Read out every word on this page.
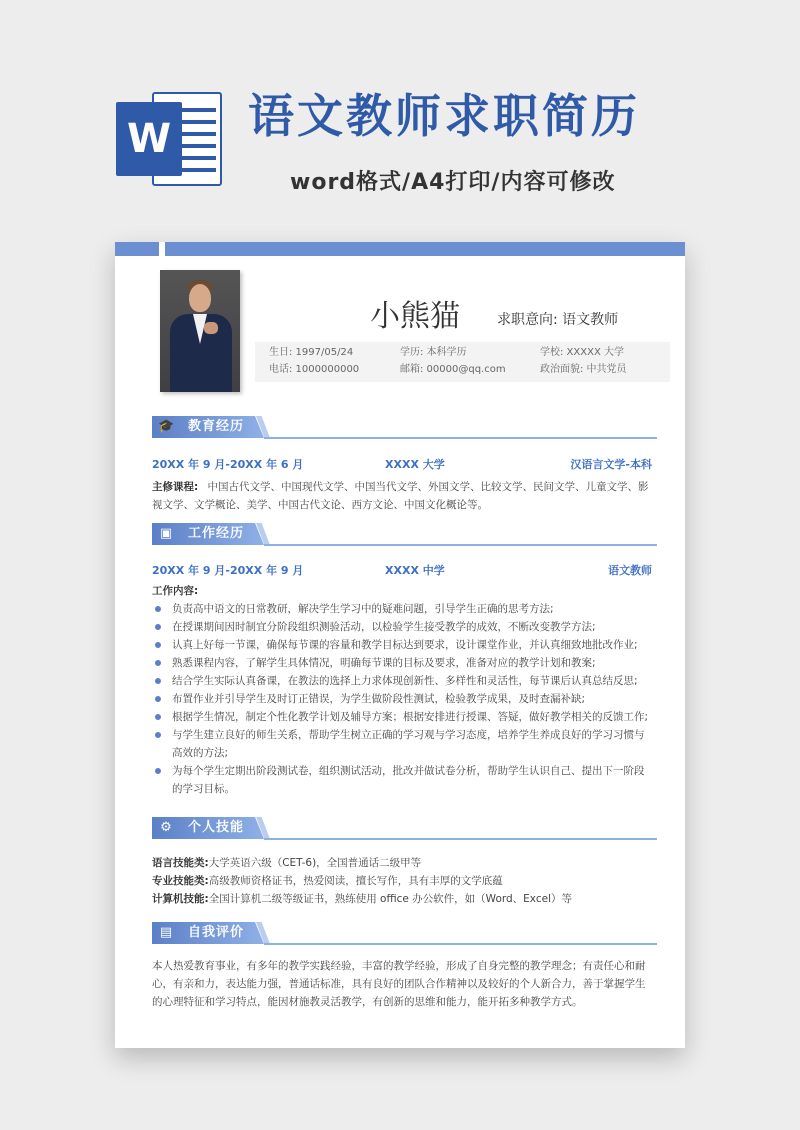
W 语文教师求职简历
word格式/A4打印/内容可修改
小熊猫	求职意向: 语文教师
生日: 1997/05/24	学历: 本科学历	学校: XXXXX 大学
电话: 1000000000	邮箱: 00000@qq.com	政治面貌: 中共党员
🎓 教育经历
20XX 年 9 月-20XX 年 6 月	XXXX 大学	汉语言文学-本科
主修课程: 中国古代文学、中国现代文学、中国当代文学、外国文学、比较文学、民间文学、儿童文学、影
视文学、文学概论、美学、中国古代文论、西方文论、中国文化概论等。
▣ 工作经历
20XX 年 9 月-20XX 年 9 月	XXXX 中学	语文教师
工作内容:
负责高中语文的日常教研，解决学生学习中的疑难问题，引导学生正确的思考方法;
在授课期间因时制宜分阶段组织测验活动，以检验学生接受教学的成效，不断改变教学方法;
认真上好每一节课，确保每节课的容量和教学目标达到要求，设计课堂作业，并认真细致地批改作业;
熟悉课程内容，了解学生具体情况，明确每节课的目标及要求，准备对应的教学计划和教案;
结合学生实际认真备课，在教法的选择上力求体现创新性、多样性和灵活性，每节课后认真总结反思;
布置作业并引导学生及时订正错误，为学生做阶段性测试，检验教学成果，及时查漏补缺;
根据学生情况，制定个性化教学计划及辅导方案；根据安排进行授课、答疑，做好教学相关的反馈工作;
与学生建立良好的师生关系，帮助学生树立正确的学习观与学习态度，培养学生养成良好的学习习惯与
高效的方法;
为每个学生定期出阶段测试卷，组织测试活动，批改并做试卷分析，帮助学生认识自己、提出下一阶段
的学习目标。
⚙ 个人技能
语言技能类:大学英语六级（CET-6)，全国普通话二级甲等
专业技能类:高级教师资格证书，热爱阅读，擅长写作，具有丰厚的文学底蕴
计算机技能:全国计算机二级等级证书，熟练使用 office 办公软件，如（Word、Excel）等
▤ 自我评价
本人热爱教育事业，有多年的教学实践经验，丰富的教学经验，形成了自身完整的教学理念；有责任心和耐
心，有亲和力，表达能力强，普通话标准，具有良好的团队合作精神以及较好的个人新合力，善于掌握学生
的心理特征和学习特点，能因材施教灵活教学，有创新的思维和能力，能开拓多种教学方式。
